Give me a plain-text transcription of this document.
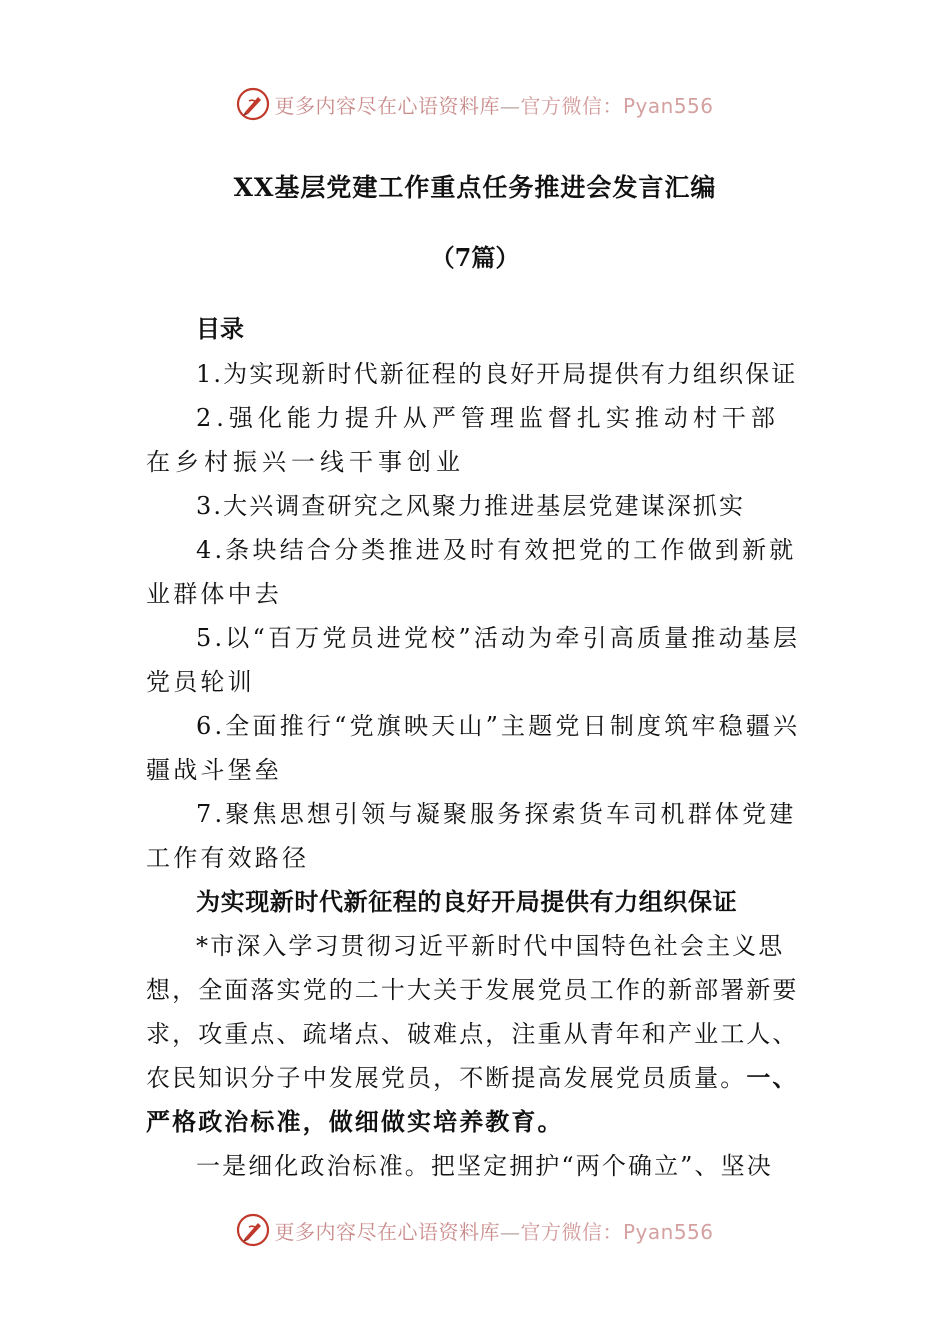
更多内容尽在心语资料库—官方微信：Pyan556
XX基层党建工作重点任务推进会发言汇编
（7篇）

目录

1.为实现新时代新征程的良好开局提供有力组织保证

2.强化能力提升从严管理监督扎实推动村干部在乡村振兴一线干事创业

3.大兴调查研究之风聚力推进基层党建谋深抓实

4.条块结合分类推进及时有效把党的工作做到新就业群体中去

5.以“百万党员进党校”活动为牵引高质量推动基层党员轮训

6.全面推行“党旗映天山”主题党日制度筑牢稳疆兴疆战斗堡垒

7.聚焦思想引领与凝聚服务探索货车司机群体党建工作有效路径

为实现新时代新征程的良好开局提供有力组织保证

*市深入学习贯彻习近平新时代中国特色社会主义思想，全面落实党的二十大关于发展党员工作的新部署新要求，攻重点、疏堵点、破难点，注重从青年和产业工人、农民知识分子中发展党员，不断提高发展党员质量。一、严格政治标准，做细做实培养教育。

一是细化政治标准。把坚定拥护“两个确立”、坚决

更多内容尽在心语资料库—官方微信：Pyan556
